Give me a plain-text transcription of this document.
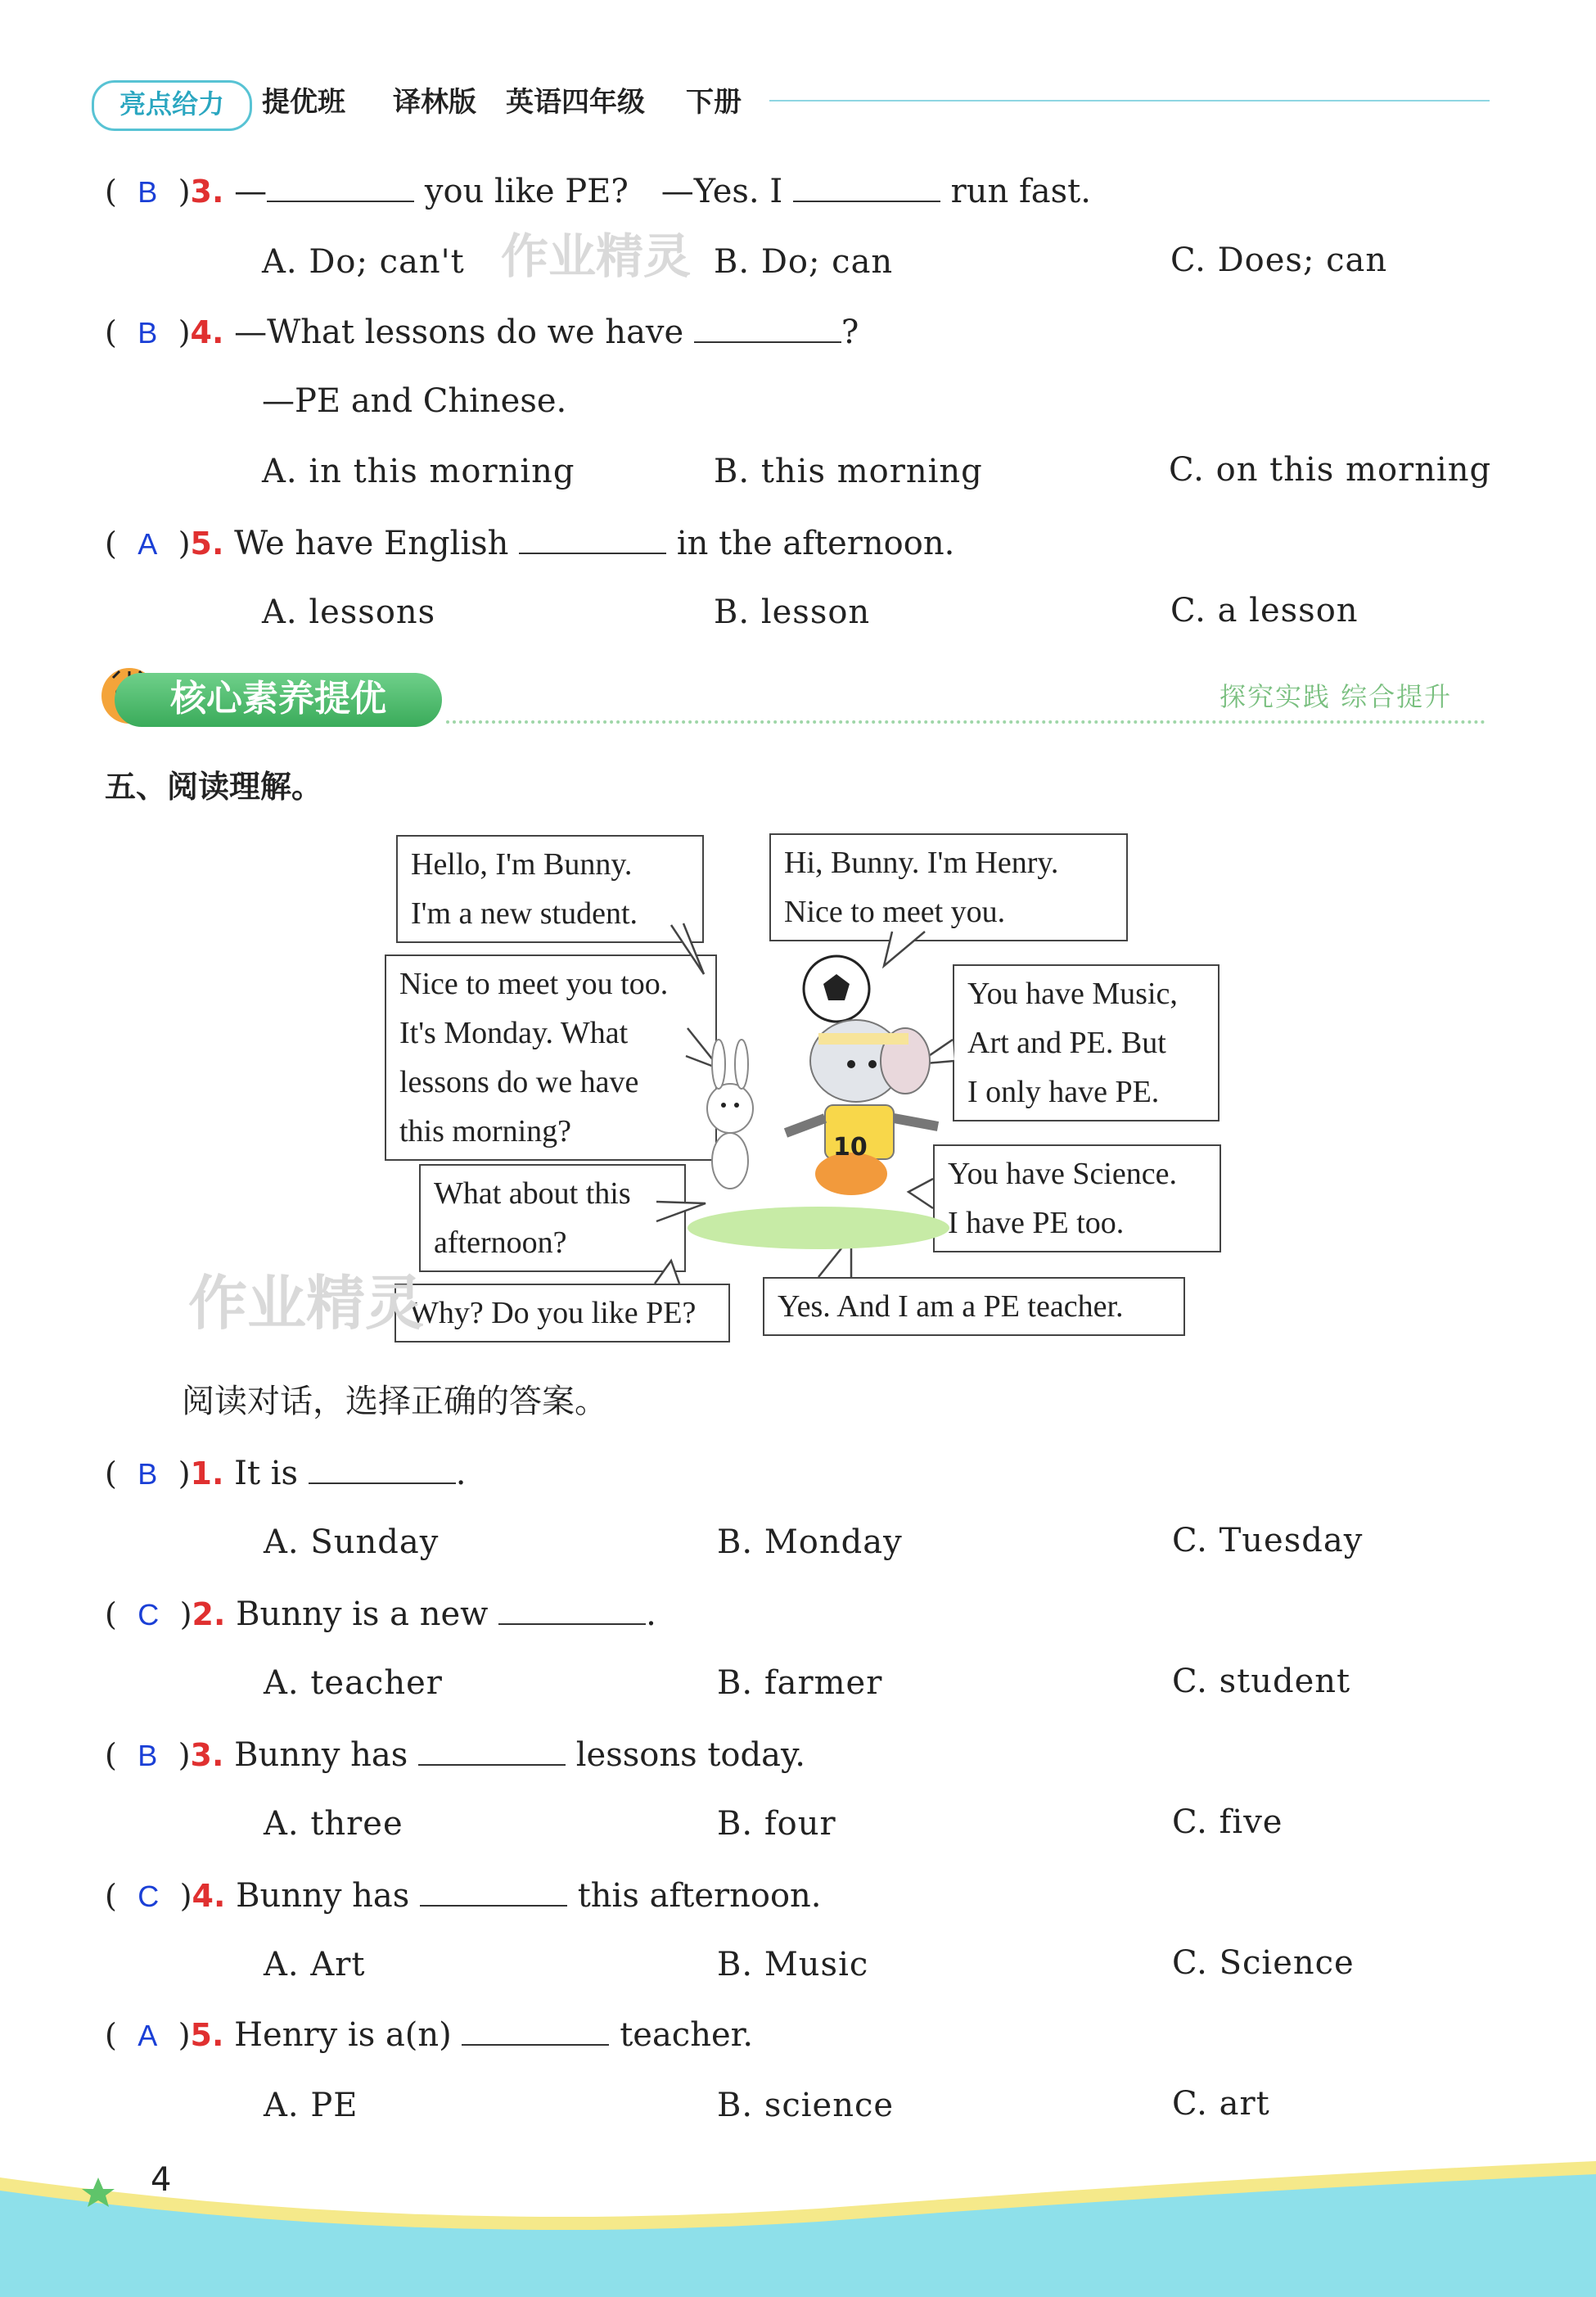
亮点给力	提优班 译林版 英语四年级 下册
( B )3. —	you like PE?　—Yes. I	run fast.
A. Do; can't	B. Do; can	C. Does; can
( B )4. —What lessons do we have	?
—PE and Chinese.
A. in this morning	B. this morning	C. on this morning
( A )5. We have English	in the afternoon.
A. lessons	B. lesson	C. a lesson
核心素养提优	探究实践 综合提升
五、阅读理解。
Hello, I'm Bunny.
I'm a new student.
Hi, Bunny. I'm Henry.
Nice to meet you.
Nice to meet you too.
It's Monday. What
lessons do we have
this morning?
You have Music,
Art and PE. But
I only have PE.
What about this
afternoon?
You have Science.
I have PE too.
Why? Do you like PE?	Yes. And I am a PE teacher.
10
作业精灵
作业精灵
阅读对话，选择正确的答案。
( B )1. It is	.
A. Sunday	B. Monday	C. Tuesday
( C )2. Bunny is a new	.
A. teacher	B. farmer	C. student
( B )3. Bunny has	lessons today.
A. three	B. four	C. five
( C )4. Bunny has	this afternoon.
A. Art	B. Music	C. Science
( A )5. Henry is a(n)	teacher.
A. PE	B. science	C. art
4
